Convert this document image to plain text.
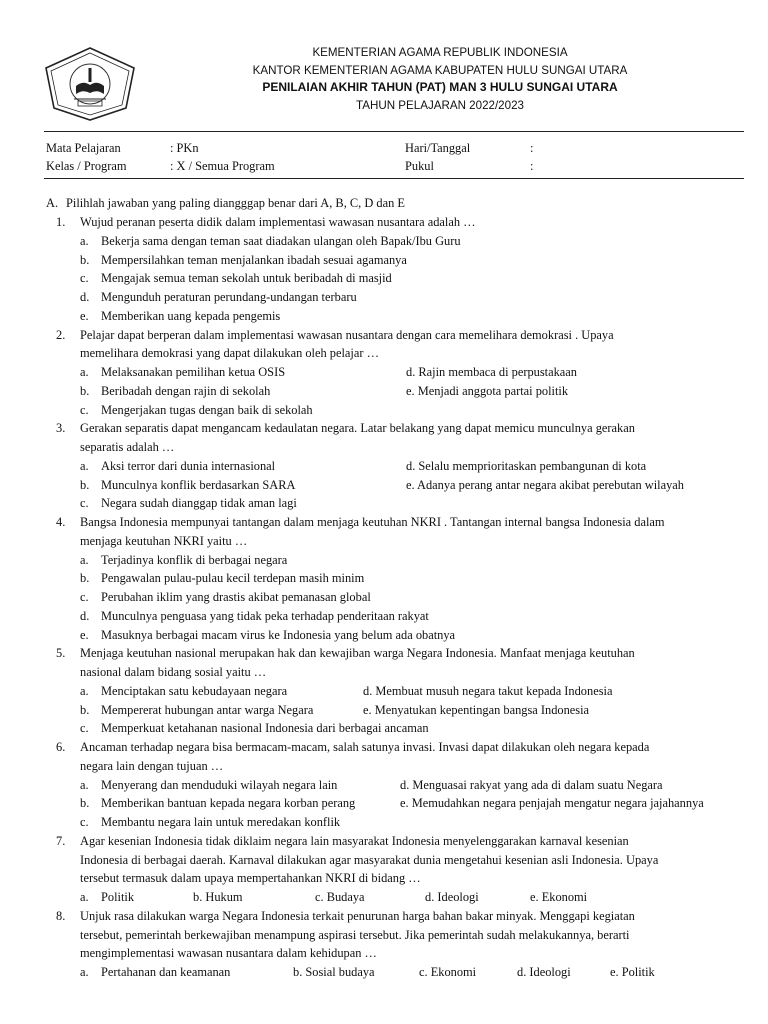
KEMENTERIAN AGAMA REPUBLIK INDONESIA
KANTOR KEMENTERIAN AGAMA KABUPATEN HULU SUNGAI UTARA
PENILAIAN AKHIR TAHUN (PAT) MAN 3 HULU SUNGAI UTARA
TAHUN PELAJARAN 2022/2023
Mata Pelajaran	: PKn	Hari/Tanggal	:
Kelas / Program	: X / Semua Program	Pukul	:
A. Pilihlah jawaban yang paling diangggap benar dari A, B, C, D dan E
1. Wujud peranan peserta didik dalam implementasi wawasan nusantara adalah …
a. Bekerja sama dengan teman saat diadakan ulangan oleh Bapak/Ibu Guru
b. Mempersilahkan teman menjalankan ibadah sesuai agamanya
c. Mengajak semua teman sekolah untuk beribadah di masjid
d. Mengunduh peraturan perundang-undangan terbaru
e. Memberikan uang kepada pengemis
2. Pelajar dapat berperan dalam implementasi wawasan nusantara dengan cara memelihara demokrasi . Upaya
memelihara demokrasi yang dapat dilakukan oleh pelajar …
a. Melaksanakan pemilihan ketua OSIS	d. Rajin membaca di perpustakaan
b. Beribadah dengan rajin di sekolah	e. Menjadi anggota partai politik
c. Mengerjakan tugas dengan baik di sekolah
3. Gerakan separatis dapat mengancam kedaulatan negara. Latar belakang yang dapat memicu munculnya gerakan
separatis adalah …
a. Aksi terror dari dunia internasional	d. Selalu memprioritaskan pembangunan di kota
b. Munculnya konflik berdasarkan SARA	e. Adanya perang antar negara akibat perebutan wilayah
c. Negara sudah dianggap tidak aman lagi
4. Bangsa Indonesia mempunyai tantangan dalam menjaga keutuhan NKRI . Tantangan internal bangsa Indonesia dalam
menjaga keutuhan NKRI yaitu …
a. Terjadinya konflik di berbagai negara
b. Pengawalan pulau-pulau kecil terdepan masih minim
c. Perubahan iklim yang drastis akibat pemanasan global
d. Munculnya penguasa yang tidak peka terhadap penderitaan rakyat
e. Masuknya berbagai macam virus ke Indonesia yang belum ada obatnya
5. Menjaga keutuhan nasional merupakan hak dan kewajiban warga Negara Indonesia. Manfaat menjaga keutuhan
nasional dalam bidang sosial yaitu …
a. Menciptakan satu kebudayaan negara	d. Membuat musuh negara takut kepada Indonesia
b. Mempererat hubungan antar warga Negara	e. Menyatukan kepentingan bangsa Indonesia
c. Memperkuat ketahanan nasional Indonesia dari berbagai ancaman
6. Ancaman terhadap negara bisa bermacam-macam, salah satunya invasi. Invasi dapat dilakukan oleh negara kepada
negara lain dengan tujuan …
a. Menyerang dan menduduki wilayah negara lain	d. Menguasai rakyat yang ada di dalam suatu Negara
b. Memberikan bantuan kepada negara korban perang	e. Memudahkan negara penjajah mengatur negara jajahannya
c. Membantu negara lain untuk meredakan konflik
7. Agar kesenian Indonesia tidak diklaim negara lain masyarakat Indonesia menyelenggarakan karnaval kesenian
Indonesia di berbagai daerah. Karnaval dilakukan agar masyarakat dunia mengetahui kesenian asli Indonesia. Upaya
tersebut termasuk dalam upaya mempertahankan NKRI di bidang …
a. Politik	b. Hukum	c. Budaya	d. Ideologi	e. Ekonomi
8. Unjuk rasa dilakukan warga Negara Indonesia terkait penurunan harga bahan bakar minyak. Menggapi kegiatan
tersebut, pemerintah berkewajiban menampung aspirasi tersebut. Jika pemerintah sudah melakukannya, berarti
mengimplementasi wawasan nusantara dalam kehidupan …
a. Pertahanan dan keamanan	b. Sosial budaya	c. Ekonomi	d. Ideologi	e. Politik
